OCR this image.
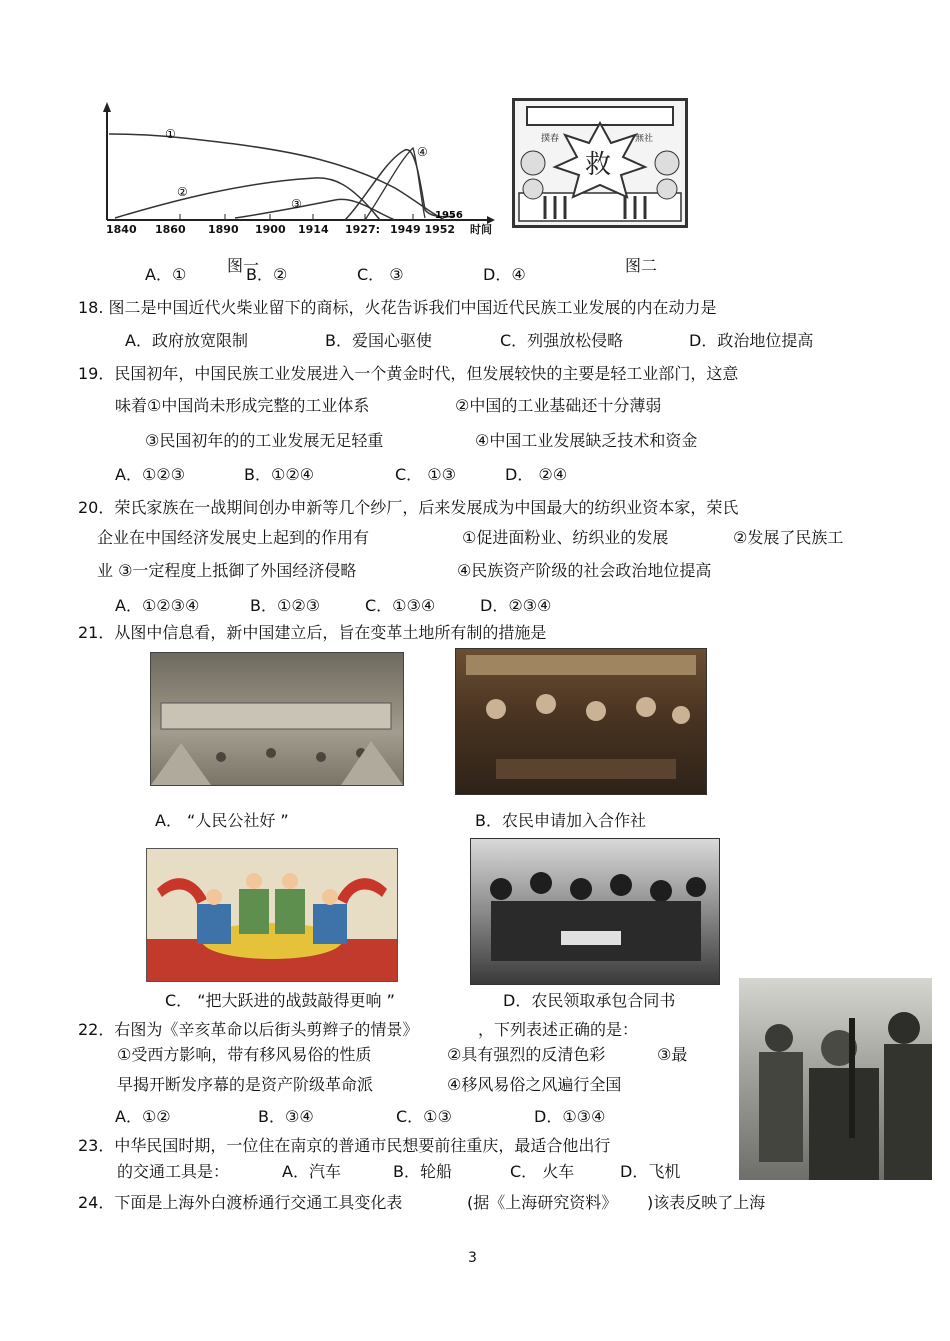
①
②
③
④
1956
1840 1860 1890 1900 1914 1927: 1949 1952 时间
救
撲春	無社
图一	图二
A．①	B．②	C． ③	D．④
18. 图二是中国近代火柴业留下的商标，火花告诉我们中国近代民族工业发展的内在动力是
A．政府放宽限制	B．爱国心驱使	C．列强放松侵略	D．政治地位提高
19．民国初年，中国民族工业发展进入一个黄金时代，但发展较快的主要是轻工业部门，这意
味着①中国尚未形成完整的工业体系	②中国的工业基础还十分薄弱
③民国初年的的工业发展无足轻重	④中国工业发展缺乏技术和资金
A．①②③	B．①②④	C． ①③	D． ②④
20．荣氏家族在一战期间创办申新等几个纱厂，后来发展成为中国最大的纺织业资本家，荣氏
企业在中国经济发展史上起到的作用有	①促进面粉业、纺织业的发展	②发展了民族工
业 ③一定程度上抵御了外国经济侵略	④民族资产阶级的社会政治地位提高
A．①②③④	B．①②③	C．①③④	D．②③④
21．从图中信息看，新中国建立后，旨在变革土地所有制的措施是
A． “人民公社好 ”	B．农民申请加入合作社
C． “把大跃进的战鼓敲得更响 ”	D．农民领取承包合同书
22．右图为《辛亥革命以后街头剪辫子的情景》	，下列表述正确的是：
①受西方影响，带有移风易俗的性质	②具有强烈的反清色彩	③最
早揭开断发序幕的是资产阶级革命派	④移风易俗之风遍行全国
A．①②	B．③④	C．①③	D．①③④
23．中华民国时期，一位住在南京的普通市民想要前往重庆，最适合他出行
的交通工具是：	A．汽车	B．轮船	C． 火车	D．飞机
24．下面是上海外白渡桥通行交通工具变化表	(据《上海研究资料》 )该表反映了上海
3
